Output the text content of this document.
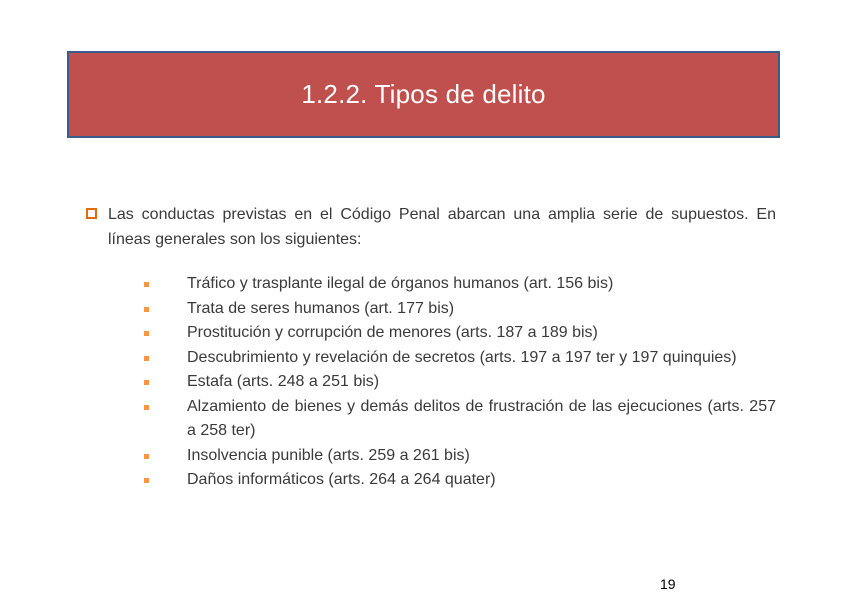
1.2.2. Tipos de delito
Las conductas previstas en el Código Penal abarcan una amplia serie de supuestos. En líneas generales son los siguientes:
Tráfico y trasplante ilegal de órganos humanos (art. 156 bis)
Trata de seres humanos (art. 177 bis)
Prostitución y corrupción de menores (arts. 187 a 189 bis)
Descubrimiento y revelación de secretos (arts. 197 a 197 ter y 197 quinquies)
Estafa (arts. 248 a 251 bis)
Alzamiento de bienes y demás delitos de frustración de las ejecuciones (arts. 257 a 258 ter)
Insolvencia punible (arts. 259 a 261 bis)
Daños informáticos (arts. 264 a 264 quater)
19
